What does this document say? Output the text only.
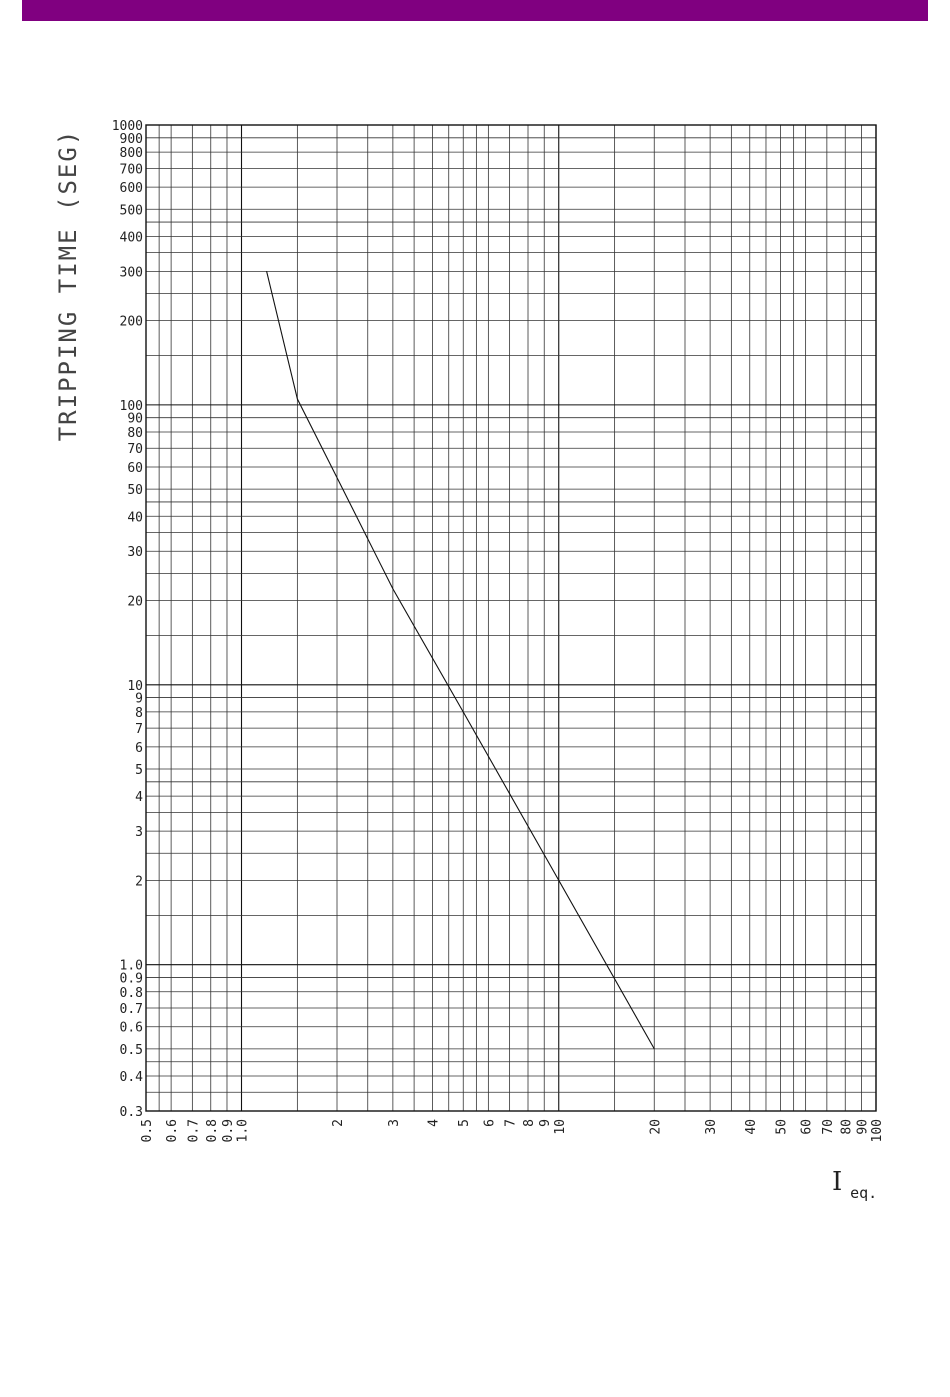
1000
900
800
700
600
500
400
300
200
100
90
80
70
60
50
40
30
20
10
9
8
7
6
5
4
3
2
1.0
0.9
0.8
0.7
0.6
0.5
0.4
0.3
0.5 0.6 0.7 0.8 0.9 1.0	2	3 4 5 6 7 8 9 10	20	30 40 50 60 70 80 90 100
TRIPPING TIME (SEG)
I eq.
